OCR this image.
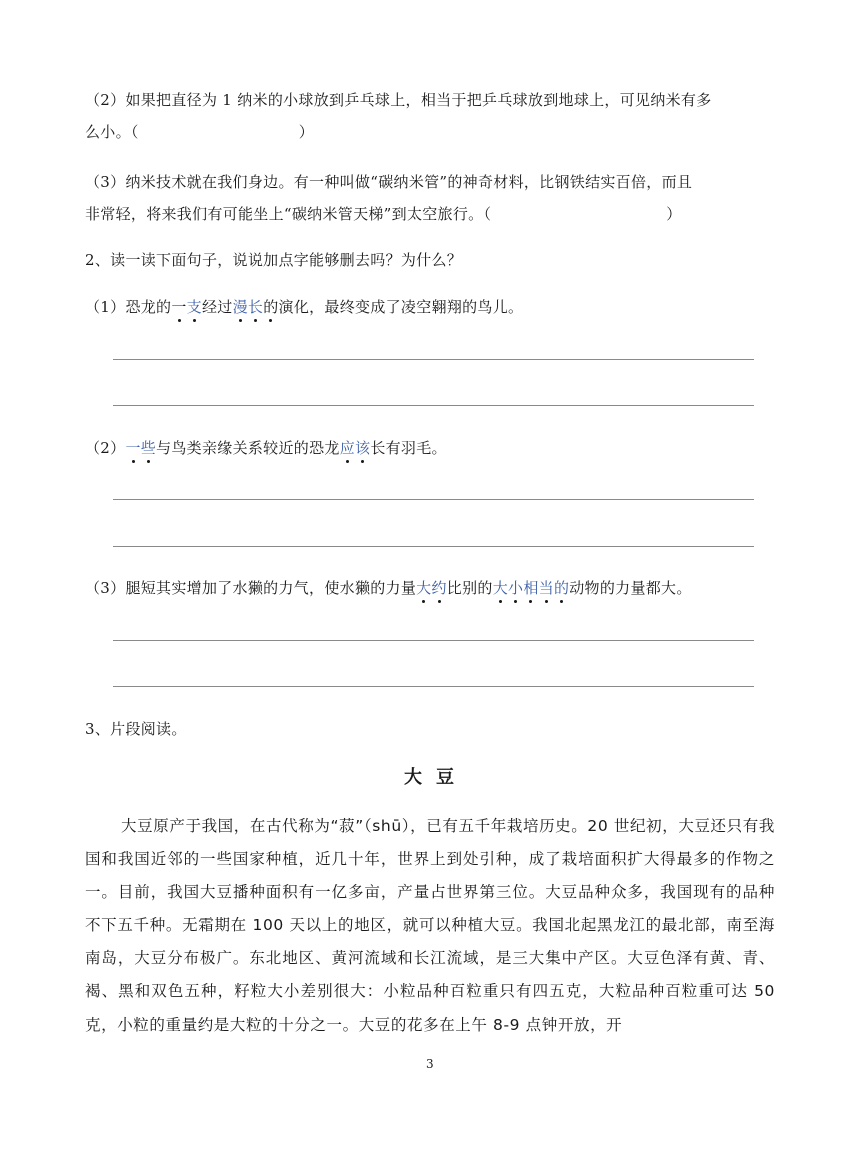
（2）如果把直径为 1 纳米的小球放到乒乓球上，相当于把乒乓球放到地球上，可见纳米有多
么小。（	）
（3）纳米技术就在我们身边。有一种叫做“碳纳米管”的神奇材料，比钢铁结实百倍，而且
非常轻，将来我们有可能坐上“碳纳米管天梯”到太空旅行。（	）
2、读一读下面句子，说说加点字能够删去吗？为什么？
（1）恐龙的一支经过漫长的演化，最终变成了凌空翱翔的鸟儿。
（2）一些与鸟类亲缘关系较近的恐龙应该长有羽毛。
（3）腿短其实增加了水獭的力气，使水獭的力量大约比别的大小相当的动物的力量都大。
3、片段阅读。
大豆

大豆原产于我国，在古代称为“菽”（shū），已有五千年栽培历史。20 世纪初，大豆还只有我国和我国近邻的一些国家种植，近几十年，世界上到处引种，成了栽培面积扩大得最多的作物之一。目前，我国大豆播种面积有一亿多亩，产量占世界第三位。大豆品种众多，我国现有的品种不下五千种。无霜期在 100 天以上的地区，就可以种植大豆。我国北起黑龙江的最北部，南至海南岛，大豆分布极广。东北地区、黄河流域和长江流域，是三大集中产区。大豆色泽有黄、青、褐、黑和双色五种，籽粒大小差别很大：小粒品种百粒重只有四五克，大粒品种百粒重可达 50 克，小粒的重量约是大粒的十分之一。大豆的花多在上午 8-9 点钟开放，开

3
